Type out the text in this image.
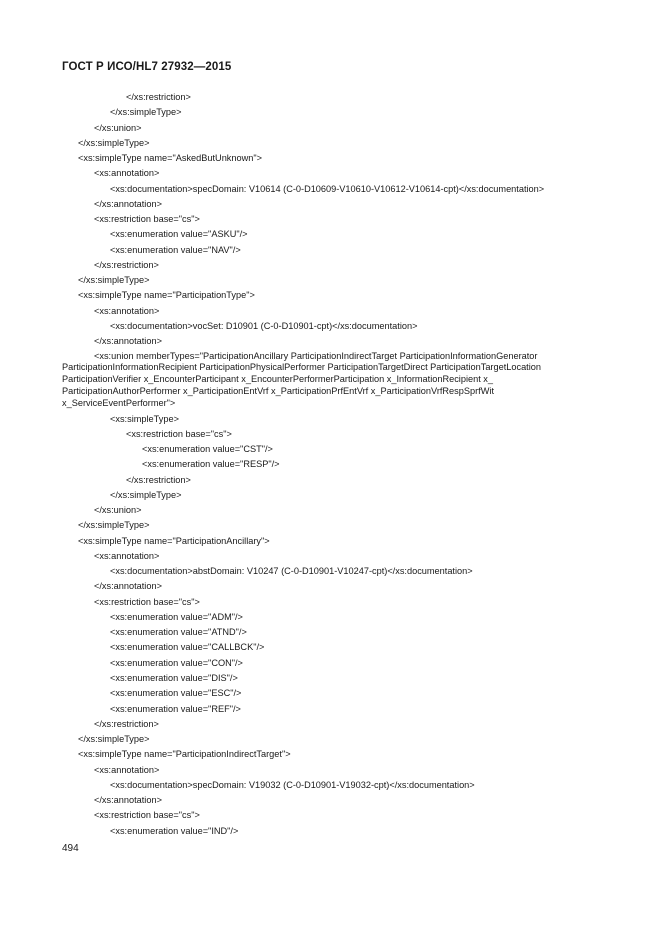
ГОСТ Р ИСО/HL7 27932—2015
</xs:restriction>
</xs:simpleType>
</xs:union>
</xs:simpleType>
<xs:simpleType name="AskedButUnknown">
<xs:annotation>
<xs:documentation>specDomain: V10614 (C-0-D10609-V10610-V10612-V10614-cpt)</xs:documentation>
</xs:annotation>
<xs:restriction base="cs">
<xs:enumeration value="ASKU"/>
<xs:enumeration value="NAV"/>
</xs:restriction>
</xs:simpleType>
<xs:simpleType name="ParticipationType">
<xs:annotation>
<xs:documentation>vocSet: D10901 (C-0-D10901-cpt)</xs:documentation>
</xs:annotation>
<xs:union memberTypes="ParticipationAncillary ParticipationIndirectTarget ParticipationInformationGenerator
ParticipationInformationRecipient ParticipationPhysicalPerformer ParticipationTargetDirect ParticipationTargetLocation
ParticipationVerifier x_EncounterParticipant x_EncounterPerformerParticipation x_InformationRecipient x_
ParticipationAuthorPerformer x_ParticipationEntVrf x_ParticipationPrfEntVrf x_ParticipationVrfRespSprfWit
x_ServiceEventPerformer">
<xs:simpleType>
<xs:restriction base="cs">
<xs:enumeration value="CST"/>
<xs:enumeration value="RESP"/>
</xs:restriction>
</xs:simpleType>
</xs:union>
</xs:simpleType>
<xs:simpleType name="ParticipationAncillary">
<xs:annotation>
<xs:documentation>abstDomain: V10247 (C-0-D10901-V10247-cpt)</xs:documentation>
</xs:annotation>
<xs:restriction base="cs">
<xs:enumeration value="ADM"/>
<xs:enumeration value="ATND"/>
<xs:enumeration value="CALLBCK"/>
<xs:enumeration value="CON"/>
<xs:enumeration value="DIS"/>
<xs:enumeration value="ESC"/>
<xs:enumeration value="REF"/>
</xs:restriction>
</xs:simpleType>
<xs:simpleType name="ParticipationIndirectTarget">
<xs:annotation>
<xs:documentation>specDomain: V19032 (C-0-D10901-V19032-cpt)</xs:documentation>
</xs:annotation>
<xs:restriction base="cs">
<xs:enumeration value="IND"/>
494
